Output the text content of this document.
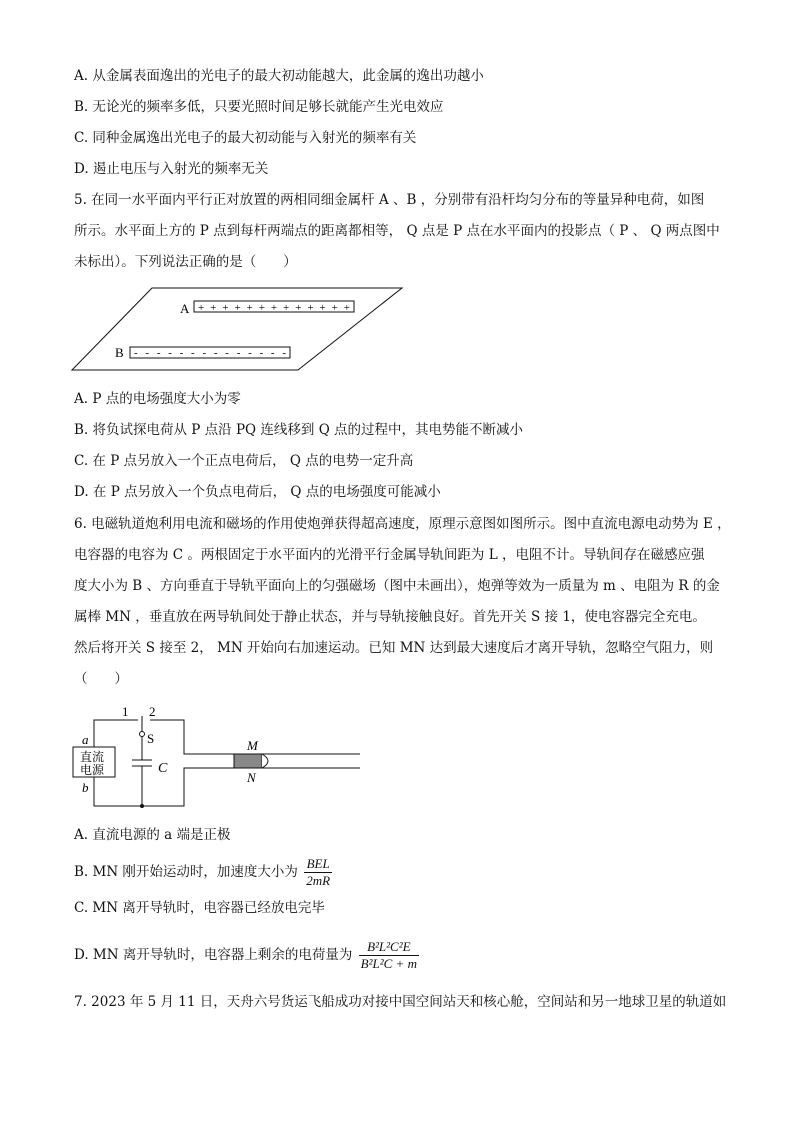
A. 从金属表面逸出的光电子的最大初动能越大，此金属的逸出功越小
B. 无论光的频率多低，只要光照时间足够长就能产生光电效应
C. 同种金属逸出光电子的最大初动能与入射光的频率有关
D. 遏止电压与入射光的频率无关
5. 在同一水平面内平行正对放置的两相同细金属杆 A 、B ，分别带有沿杆均匀分布的等量异种电荷，如图
所示。水平面上方的 P 点到每杆两端点的距离都相等， Q 点是 P 点在水平面内的投影点（ P 、 Q 两点图中
未标出）。下列说法正确的是（　　）
A + + + + + + + + + + + + +
B - - - - - - - - - - - - - -
A. P 点的电场强度大小为零
B. 将负试探电荷从 P 点沿 PQ 连线移到 Q 点的过程中，其电势能不断减小
C. 在 P 点另放入一个正点电荷后， Q 点的电势一定升高
D. 在 P 点另放入一个负点电荷后， Q 点的电场强度可能减小
6. 电磁轨道炮利用电流和磁场的作用使炮弹获得超高速度，原理示意图如图所示。图中直流电源电动势为 E ，
电容器的电容为 C 。两根固定于水平面内的光滑平行金属导轨间距为 L ，电阻不计。导轨间存在磁感应强
度大小为 B 、方向垂直于导轨平面向上的匀强磁场（图中未画出），炮弹等效为一质量为 m 、电阻为 R 的金
属棒 MN ，垂直放在两导轨间处于静止状态，并与导轨接触良好。首先开关 S 接 1，使电容器完全充电。
然后将开关 S 接至 2， MN 开始向右加速运动。已知 MN 达到最大速度后才离开导轨，忽略空气阻力，则
（　　）
1 2
S
C
a
b
直流
电源
M
N
A. 直流电源的 a 端是正极
B. MN 刚开始运动时，加速度大小为 $\frac{\text{BEL}}{2mR}$
C. MN 离开导轨时，电容器已经放电完毕
D. MN 离开导轨时，电容器上剩余的电荷量为 $\frac{\text{B²L²C²E}}{\text{B²L²C + m}}$
7. 2023 年 5 月 11 日，天舟六号货运飞船成功对接中国空间站天和核心舱，空间站和另一地球卫星的轨道如
